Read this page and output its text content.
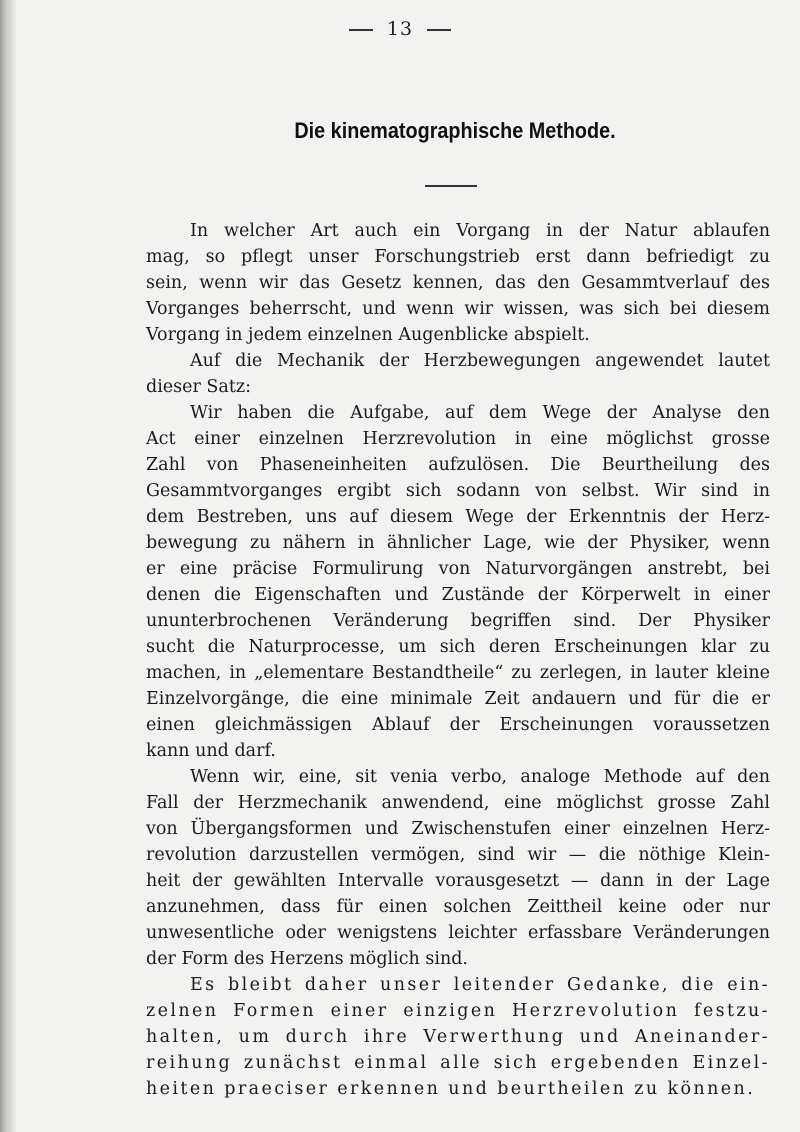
13
Die kinematographische Methode.

In welcher Art auch ein Vorgang in der Natur ablaufen
mag, so pflegt unser Forschungstrieb erst dann befriedigt zu
sein, wenn wir das Gesetz kennen, das den Gesammtverlauf des
Vorganges beherrscht, und wenn wir wissen, was sich bei diesem
Vorgang in jedem einzelnen Augenblicke abspielt.

Auf die Mechanik der Herzbewegungen angewendet lautet
dieser Satz:

Wir haben die Aufgabe, auf dem Wege der Analyse den
Act einer einzelnen Herzrevolution in eine möglichst grosse
Zahl von Phaseneinheiten aufzulösen. Die Beurtheilung des
Gesammtvorganges ergibt sich sodann von selbst. Wir sind in
dem Bestreben, uns auf diesem Wege der Erkenntnis der Herz-
bewegung zu nähern in ähnlicher Lage, wie der Physiker, wenn
er eine präcise Formulirung von Naturvorgängen anstrebt, bei
denen die Eigenschaften und Zustände der Körperwelt in einer
ununterbrochenen Veränderung begriffen sind. Der Physiker
sucht die Naturprocesse, um sich deren Erscheinungen klar zu
machen, in „elementare Bestandtheile“ zu zerlegen, in lauter kleine
Einzelvorgänge, die eine minimale Zeit andauern und für die er
einen gleichmässigen Ablauf der Erscheinungen voraussetzen
kann und darf.

Wenn wir, eine, sit venia verbo, analoge Methode auf den
Fall der Herzmechanik anwendend, eine möglichst grosse Zahl
von Übergangsformen und Zwischenstufen einer einzelnen Herz-
revolution darzustellen vermögen, sind wir — die nöthige Klein-
heit der gewählten Intervalle vorausgesetzt — dann in der Lage
anzunehmen, dass für einen solchen Zeittheil keine oder nur
unwesentliche oder wenigstens leichter erfassbare Veränderungen
der Form des Herzens möglich sind.

Es bleibt daher unser leitender Gedanke, die ein-
zelnen Formen einer einzigen Herzrevolution festzu-
halten, um durch ihre Verwerthung und Aneinander-
reihung zunächst einmal alle sich ergebenden Einzel-
heiten praeciser erkennen und beurtheilen zu können.
